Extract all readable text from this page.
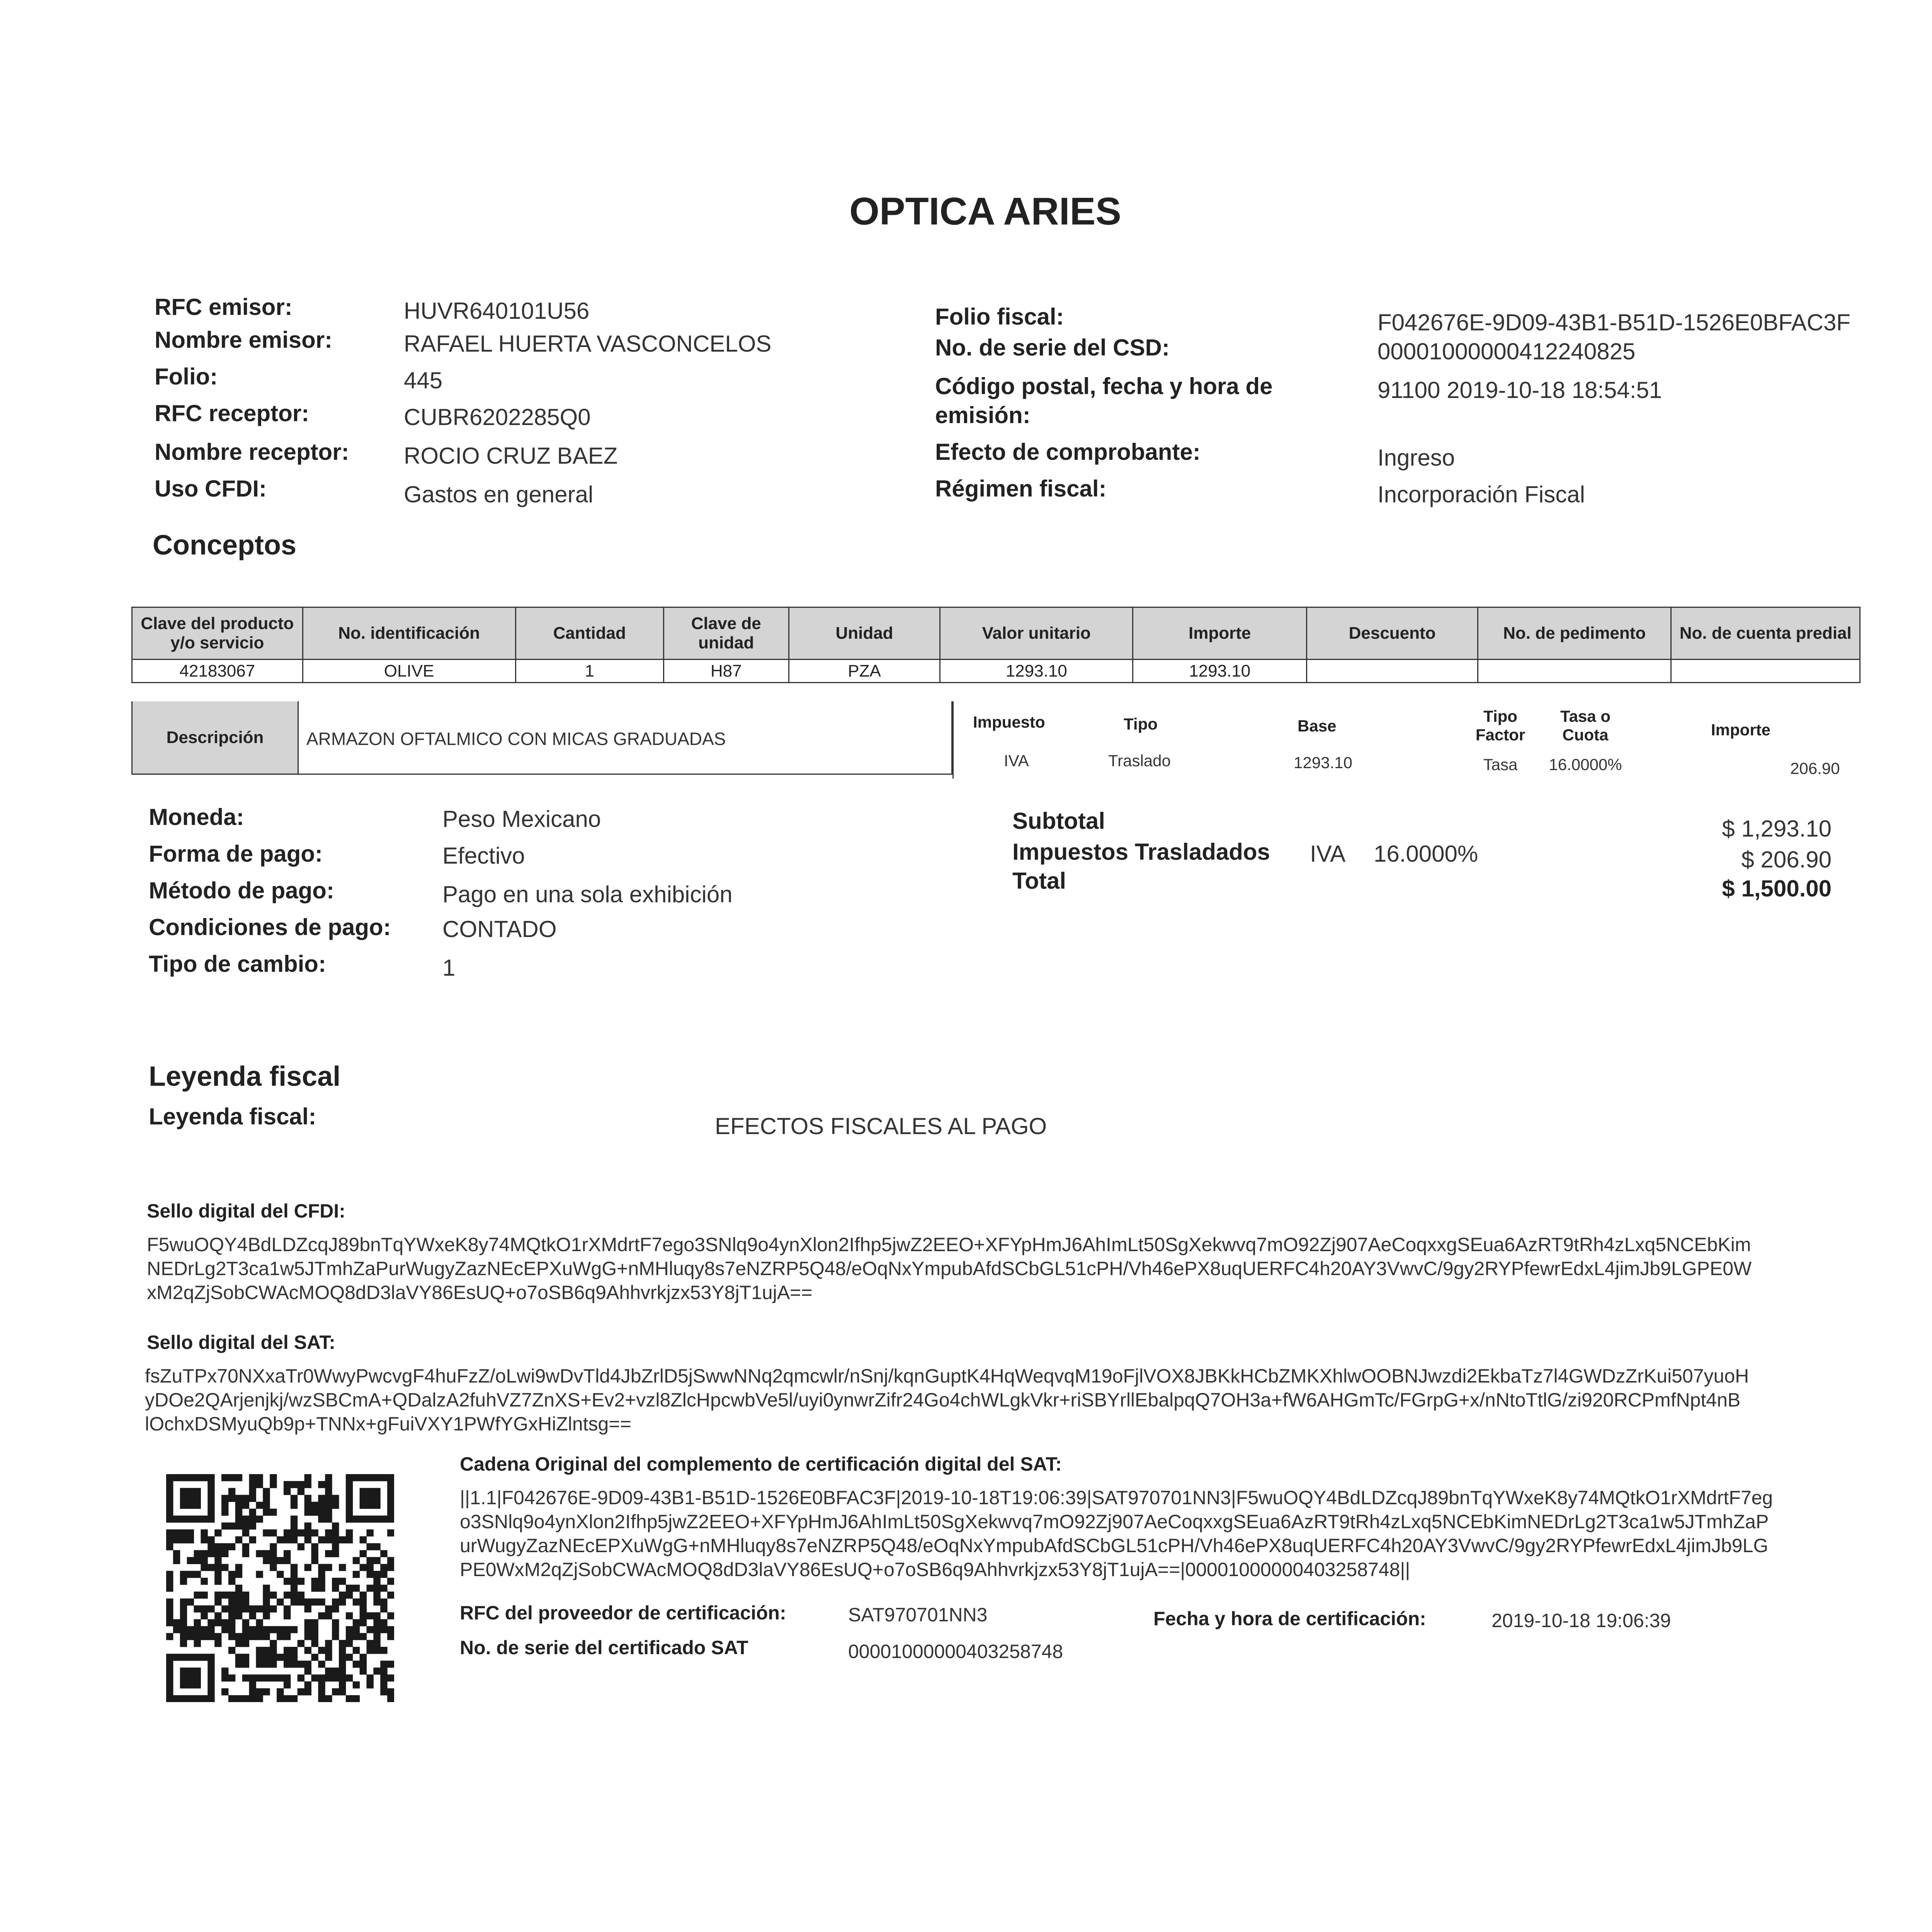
OPTICA ARIES
RFC emisor:	HUVR640101U56
Nombre emisor:	RAFAEL HUERTA VASCONCELOS
Folio:	445
RFC receptor:	CUBR6202285Q0
Nombre receptor: ROCIO CRUZ BAEZ
Uso CFDI:	Gastos en general
Folio fiscal:	F042676E-9D09-43B1-B51D-1526E0BFAC3F
No. de serie del CSD:	00001000000412240825
Código postal, fecha y hora de
emisión:
91100 2019-10-18 18:54:51
Efecto de comprobante:	Ingreso
Régimen fiscal:	Incorporación Fiscal
Conceptos
Clave del producto
y/o servicio	No. identificación	Cantidad	Clave de
unidad	Unidad	Valor unitario	Importe	Descuento	No. de pedimento	No. de cuenta predial
42183067	OLIVE	1	H87	PZA	1293.10	1293.10			
Descripción	ARMAZON OFTALMICO CON MICAS GRADUADAS
Impuesto	Tipo	Base
Tipo
Factor
Tasa o
Cuota	Importe
IVA	Traslado	1293.10	Tasa	16.0000%	206.90
Moneda:	Peso Mexicano
Forma de pago:	Efectivo
Método de pago:	Pago en una sola exhibición
Condiciones de pago: CONTADO
Tipo de cambio:	1
Subtotal	$ 1,293.10
Impuestos Trasladados IVA 16.0000%	$ 206.90
Total	$ 1,500.00
Leyenda fiscal
Leyenda fiscal:	EFECTOS FISCALES AL PAGO
Sello digital del CFDI:
F5wuOQY4BdLDZcqJ89bnTqYWxeK8y74MQtkO1rXMdrtF7ego3SNlq9o4ynXlon2Ifhp5jwZ2EEO+XFYpHmJ6AhImLt50SgXekwvq7mO92Zj907AeCoqxxgSEua6AzRT9tRh4zLxq5NCEbKim
NEDrLg2T3ca1w5JTmhZaPurWugyZazNEcEPXuWgG+nMHluqy8s7eNZRP5Q48/eOqNxYmpubAfdSCbGL51cPH/Vh46ePX8uqUERFC4h20AY3VwvC/9gy2RYPfewrEdxL4jimJb9LGPE0W
xM2qZjSobCWAcMOQ8dD3laVY86EsUQ+o7oSB6q9Ahhvrkjzx53Y8jT1ujA==
Sello digital del SAT:
fsZuTPx70NXxaTr0WwyPwcvgF4huFzZ/oLwi9wDvTld4JbZrlD5jSwwNNq2qmcwlr/nSnj/kqnGuptK4HqWeqvqM19oFjlVOX8JBKkHCbZMKXhlwOOBNJwzdi2EkbaTz7l4GWDzZrKui507yuoH
yDOe2QArjenjkj/wzSBCmA+QDalzA2fuhVZ7ZnXS+Ev2+vzl8ZlcHpcwbVe5l/uyi0ynwrZifr24Go4chWLgkVkr+riSBYrllEbalpqQ7OH3a+fW6AHGmTc/FGrpG+x/nNtoTtlG/zi920RCPmfNpt4nB
lOchxDSMyuQb9p+TNNx+gFuiVXY1PWfYGxHiZlntsg==
Cadena Original del complemento de certificación digital del SAT:
||1.1|F042676E-9D09-43B1-B51D-1526E0BFAC3F|2019-10-18T19:06:39|SAT970701NN3|F5wuOQY4BdLDZcqJ89bnTqYWxeK8y74MQtkO1rXMdrtF7eg
o3SNlq9o4ynXlon2Ifhp5jwZ2EEO+XFYpHmJ6AhImLt50SgXekwvq7mO92Zj907AeCoqxxgSEua6AzRT9tRh4zLxq5NCEbKimNEDrLg2T3ca1w5JTmhZaP
urWugyZazNEcEPXuWgG+nMHluqy8s7eNZRP5Q48/eOqNxYmpubAfdSCbGL51cPH/Vh46ePX8uqUERFC4h20AY3VwvC/9gy2RYPfewrEdxL4jimJb9LG
PE0WxM2qZjSobCWAcMOQ8dD3laVY86EsUQ+o7oSB6q9Ahhvrkjzx53Y8jT1ujA==|00001000000403258748||
RFC del proveedor de certificación:	SAT970701NN3	Fecha y hora de certificación:	2019-10-18 19:06:39
No. de serie del certificado SAT	00001000000403258748
